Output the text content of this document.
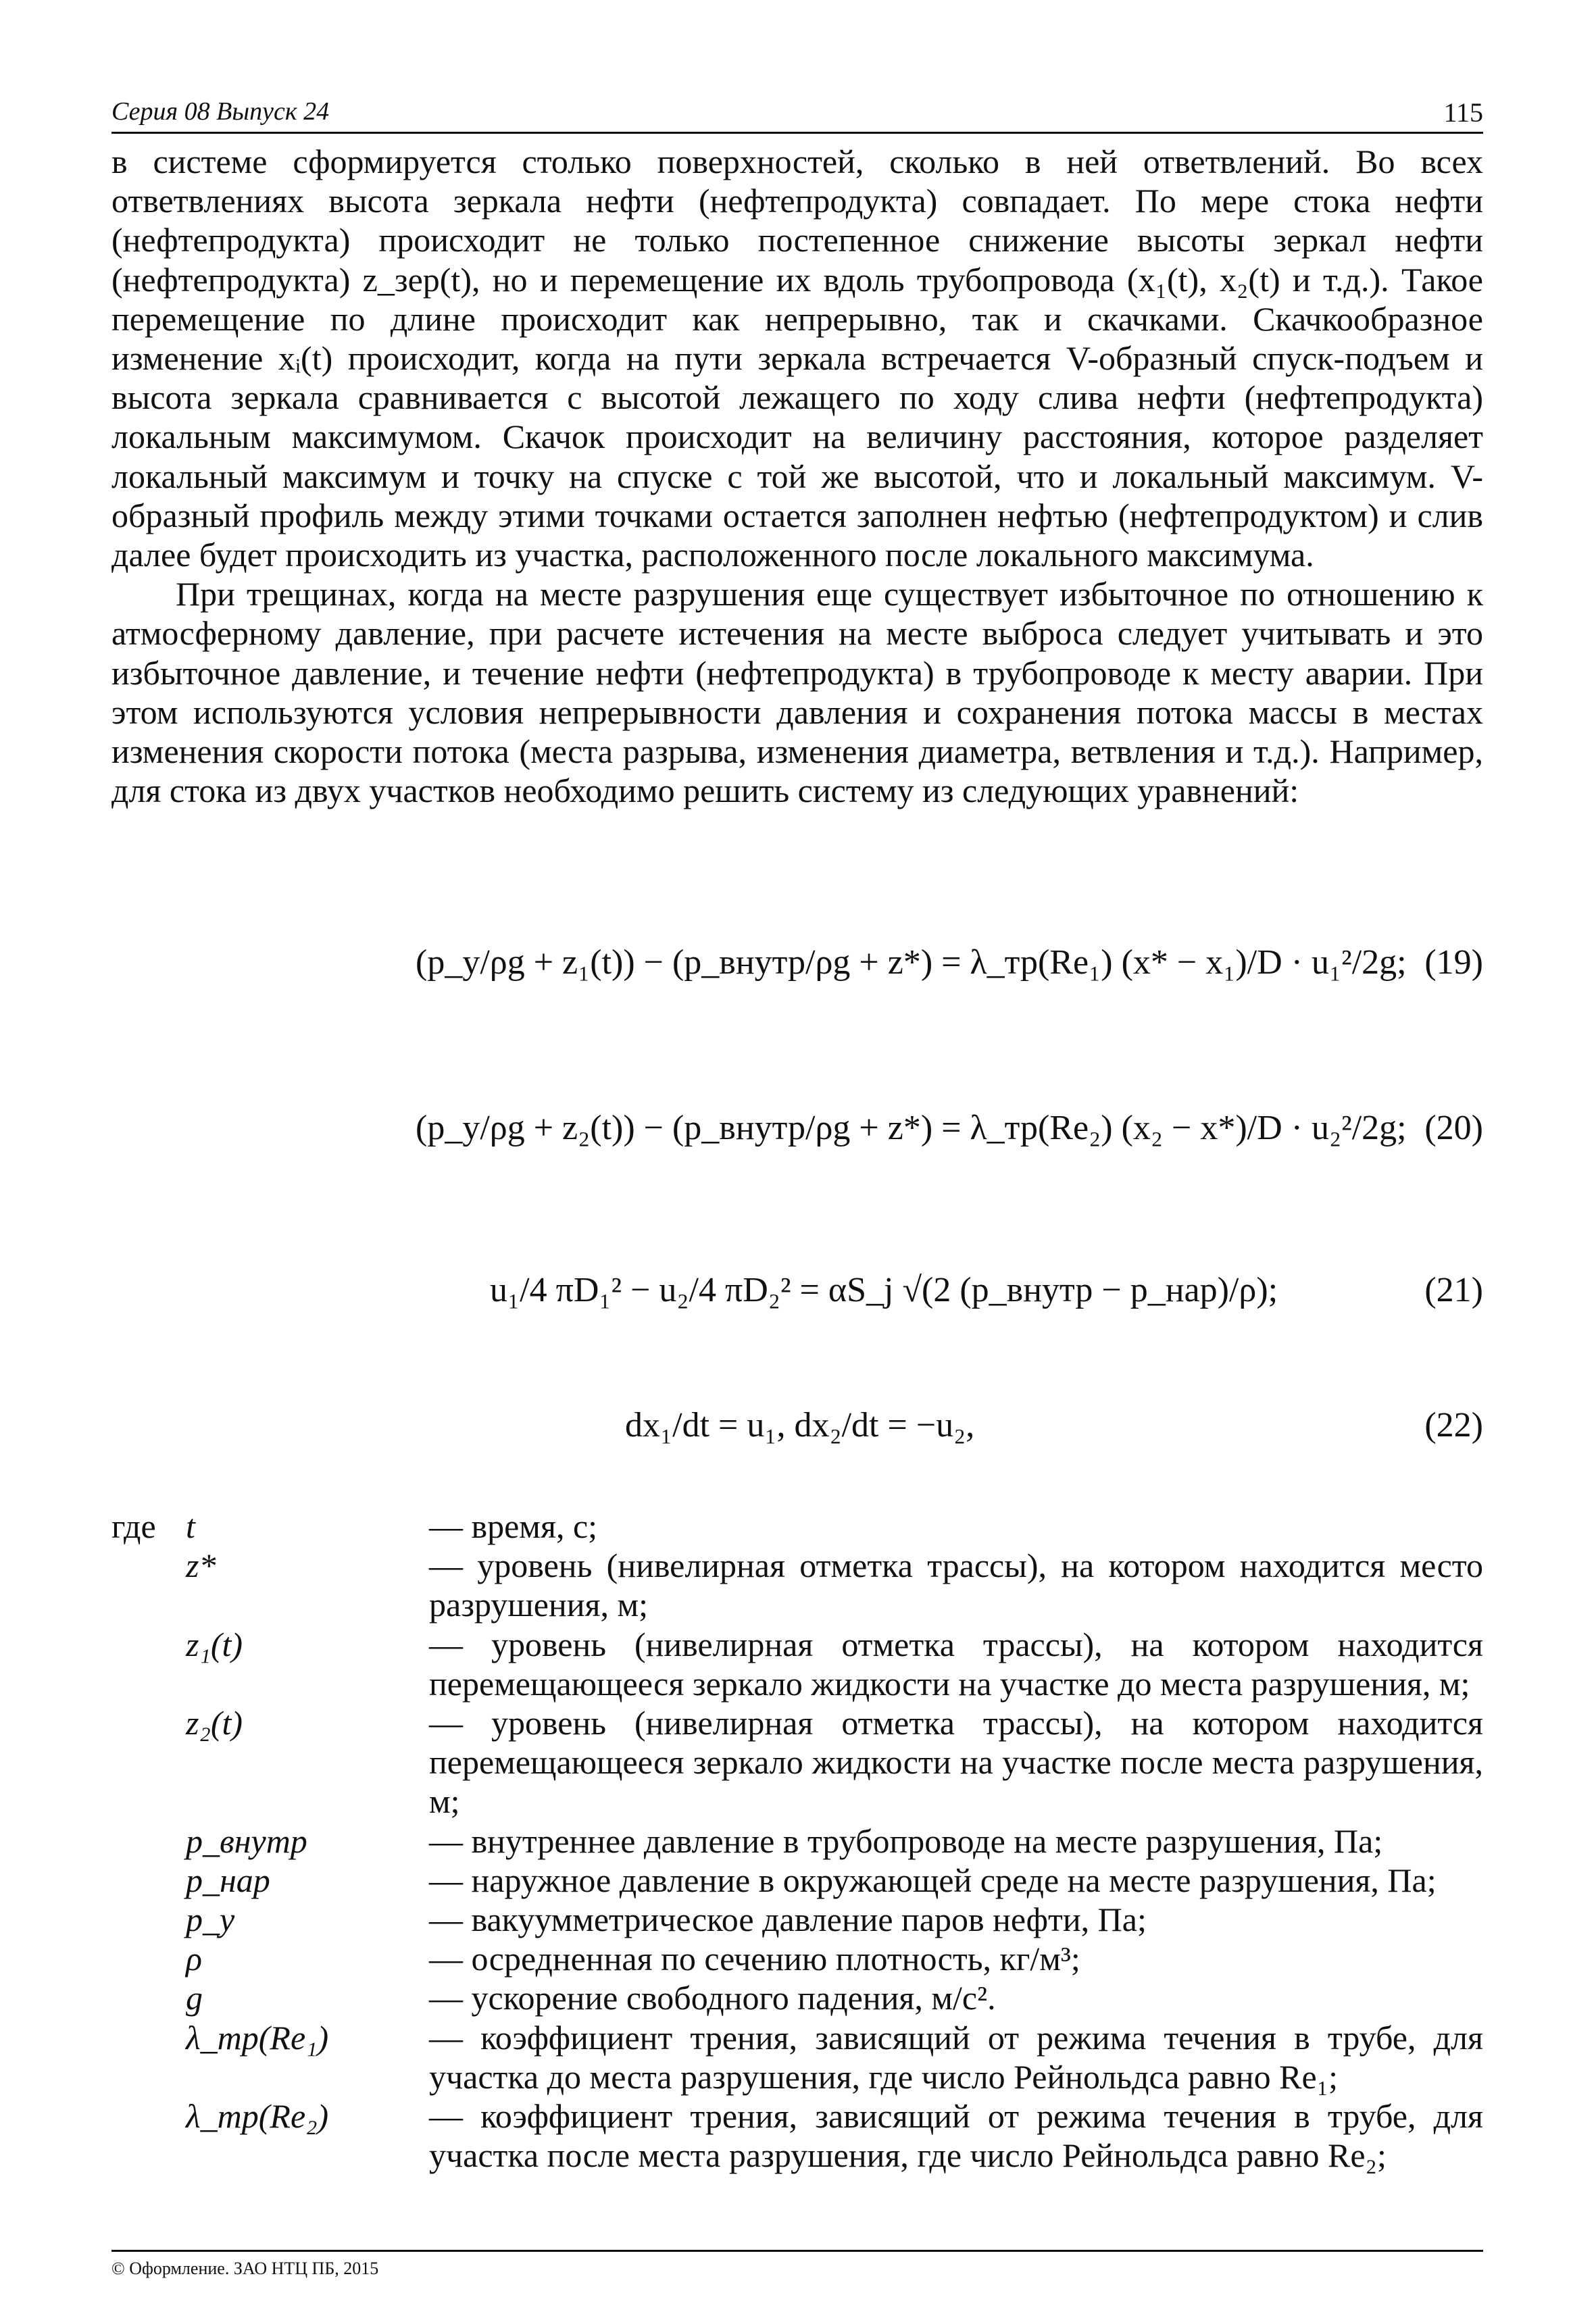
Серия 08 Выпуск 24	115

в системе сформируется столько поверхностей, сколько в ней ответвлений. Во всех ответвлениях высота зеркала нефти (нефтепродукта) совпадает. По мере стока нефти (нефтепродукта) происходит не только постепенное снижение высоты зеркал нефти (нефтепродукта) z_зер(t), но и перемещение их вдоль трубопровода (x₁(t), x₂(t) и т.д.). Такое перемещение по длине происходит как непрерывно, так и скачками. Скачкообразное изменение xᵢ(t) происходит, когда на пути зеркала встречается V-образный спуск-подъем и высота зеркала сравнивается с высотой лежащего по ходу слива нефти (нефтепродукта) локальным максимумом. Скачок происходит на величину расстояния, которое разделяет локальный максимум и точку на спуске с той же высотой, что и локальный максимум. V-образный профиль между этими точками остается заполнен нефтью (нефтепродуктом) и слив далее будет происходить из участка, расположенного после локального максимума.

При трещинах, когда на месте разрушения еще существует избыточное по отношению к атмосферному давление, при расчете истечения на месте выброса следует учитывать и это избыточное давление, и течение нефти (нефтепродукта) в трубопроводе к месту аварии. При этом используются условия непрерывности давления и сохранения потока массы в местах изменения скорости потока (места разрыва, изменения диаметра, ветвления и т.д.). Например, для стока из двух участков необходимо решить систему из следующих уравнений:

(p_у/ρg + z₁(t)) − (p_внутр/ρg + z*) = λ_тр(Re₁) (x* − x₁)/D · u₁²/2g; (19)
(p_у/ρg + z₂(t)) − (p_внутр/ρg + z*) = λ_тр(Re₂) (x₂ − x*)/D · u₂²/2g; (20)
u₁/4 πD₁² − u₂/4 πD₂² = αS_j √(2 (p_внутр − p_нар)/ρ);	(21)
dx₁/dt = u₁, dx₂/dt = −u₂,	(22)
где t	— время, с;
z*	— уровень (нивелирная отметка трассы), на котором находится место разрушения, м;
z₁(t)	— уровень (нивелирная отметка трассы), на котором находится перемещающееся зеркало жидкости на участке до места разрушения, м;
z₂(t)	— уровень (нивелирная отметка трассы), на котором находится перемещающееся зеркало жидкости на участке после места разрушения, м;
p_внутр	— внутреннее давление в трубопроводе на месте разрушения, Па;
p_нар	— наружное давление в окружающей среде на месте разрушения, Па;
p_у	— вакуумметрическое давление паров нефти, Па;
ρ	— осредненная по сечению плотность, кг/м³;
g	— ускорение свободного падения, м/с².
λ_тр(Re₁)	— коэффициент трения, зависящий от режима течения в трубе, для участка до места разрушения, где число Рейнольдса равно Re₁;
λ_тр(Re₂)	— коэффициент трения, зависящий от режима течения в трубе, для участка после места разрушения, где число Рейнольдса равно Re₂;
© Оформление. ЗАО НТЦ ПБ, 2015
